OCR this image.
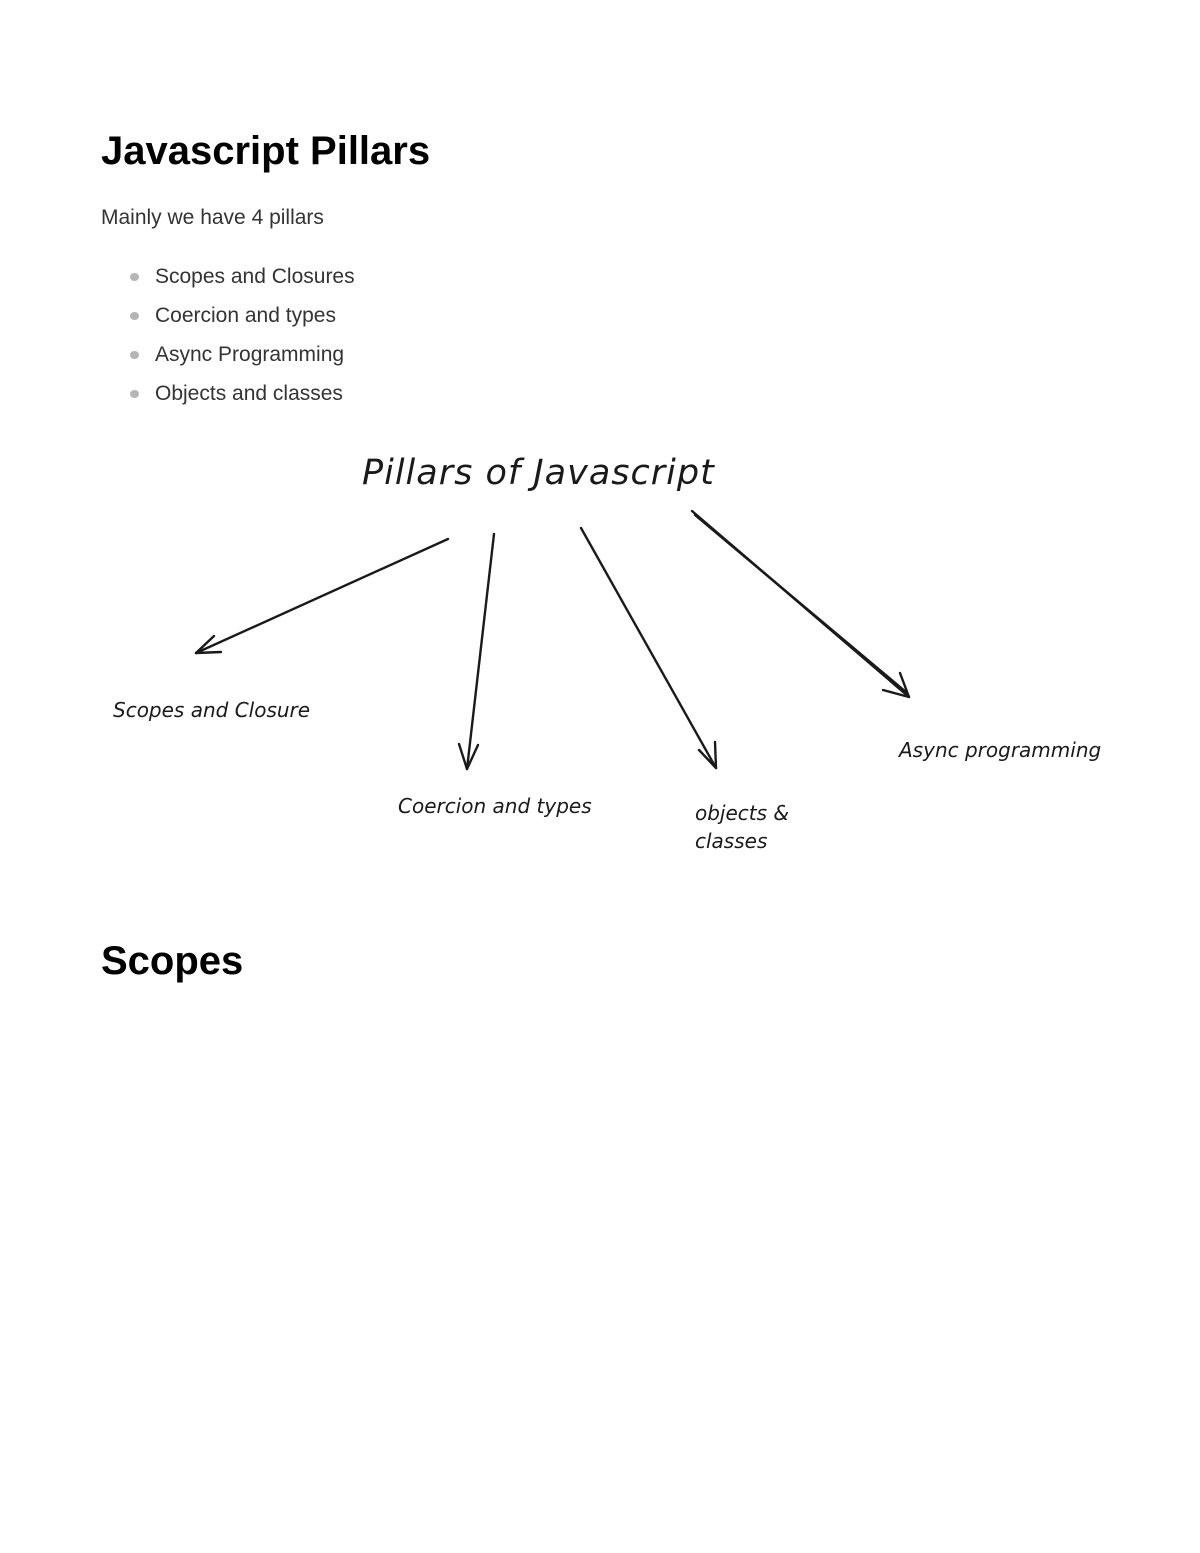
Javascript Pillars

Mainly we have 4 pillars

Scopes and Closures
Coercion and types
Async Programming
Objects and classes
Pillars of Javascript
Scopes and Closure
Coercion and types	objects &
classes
Async programming
Scopes
